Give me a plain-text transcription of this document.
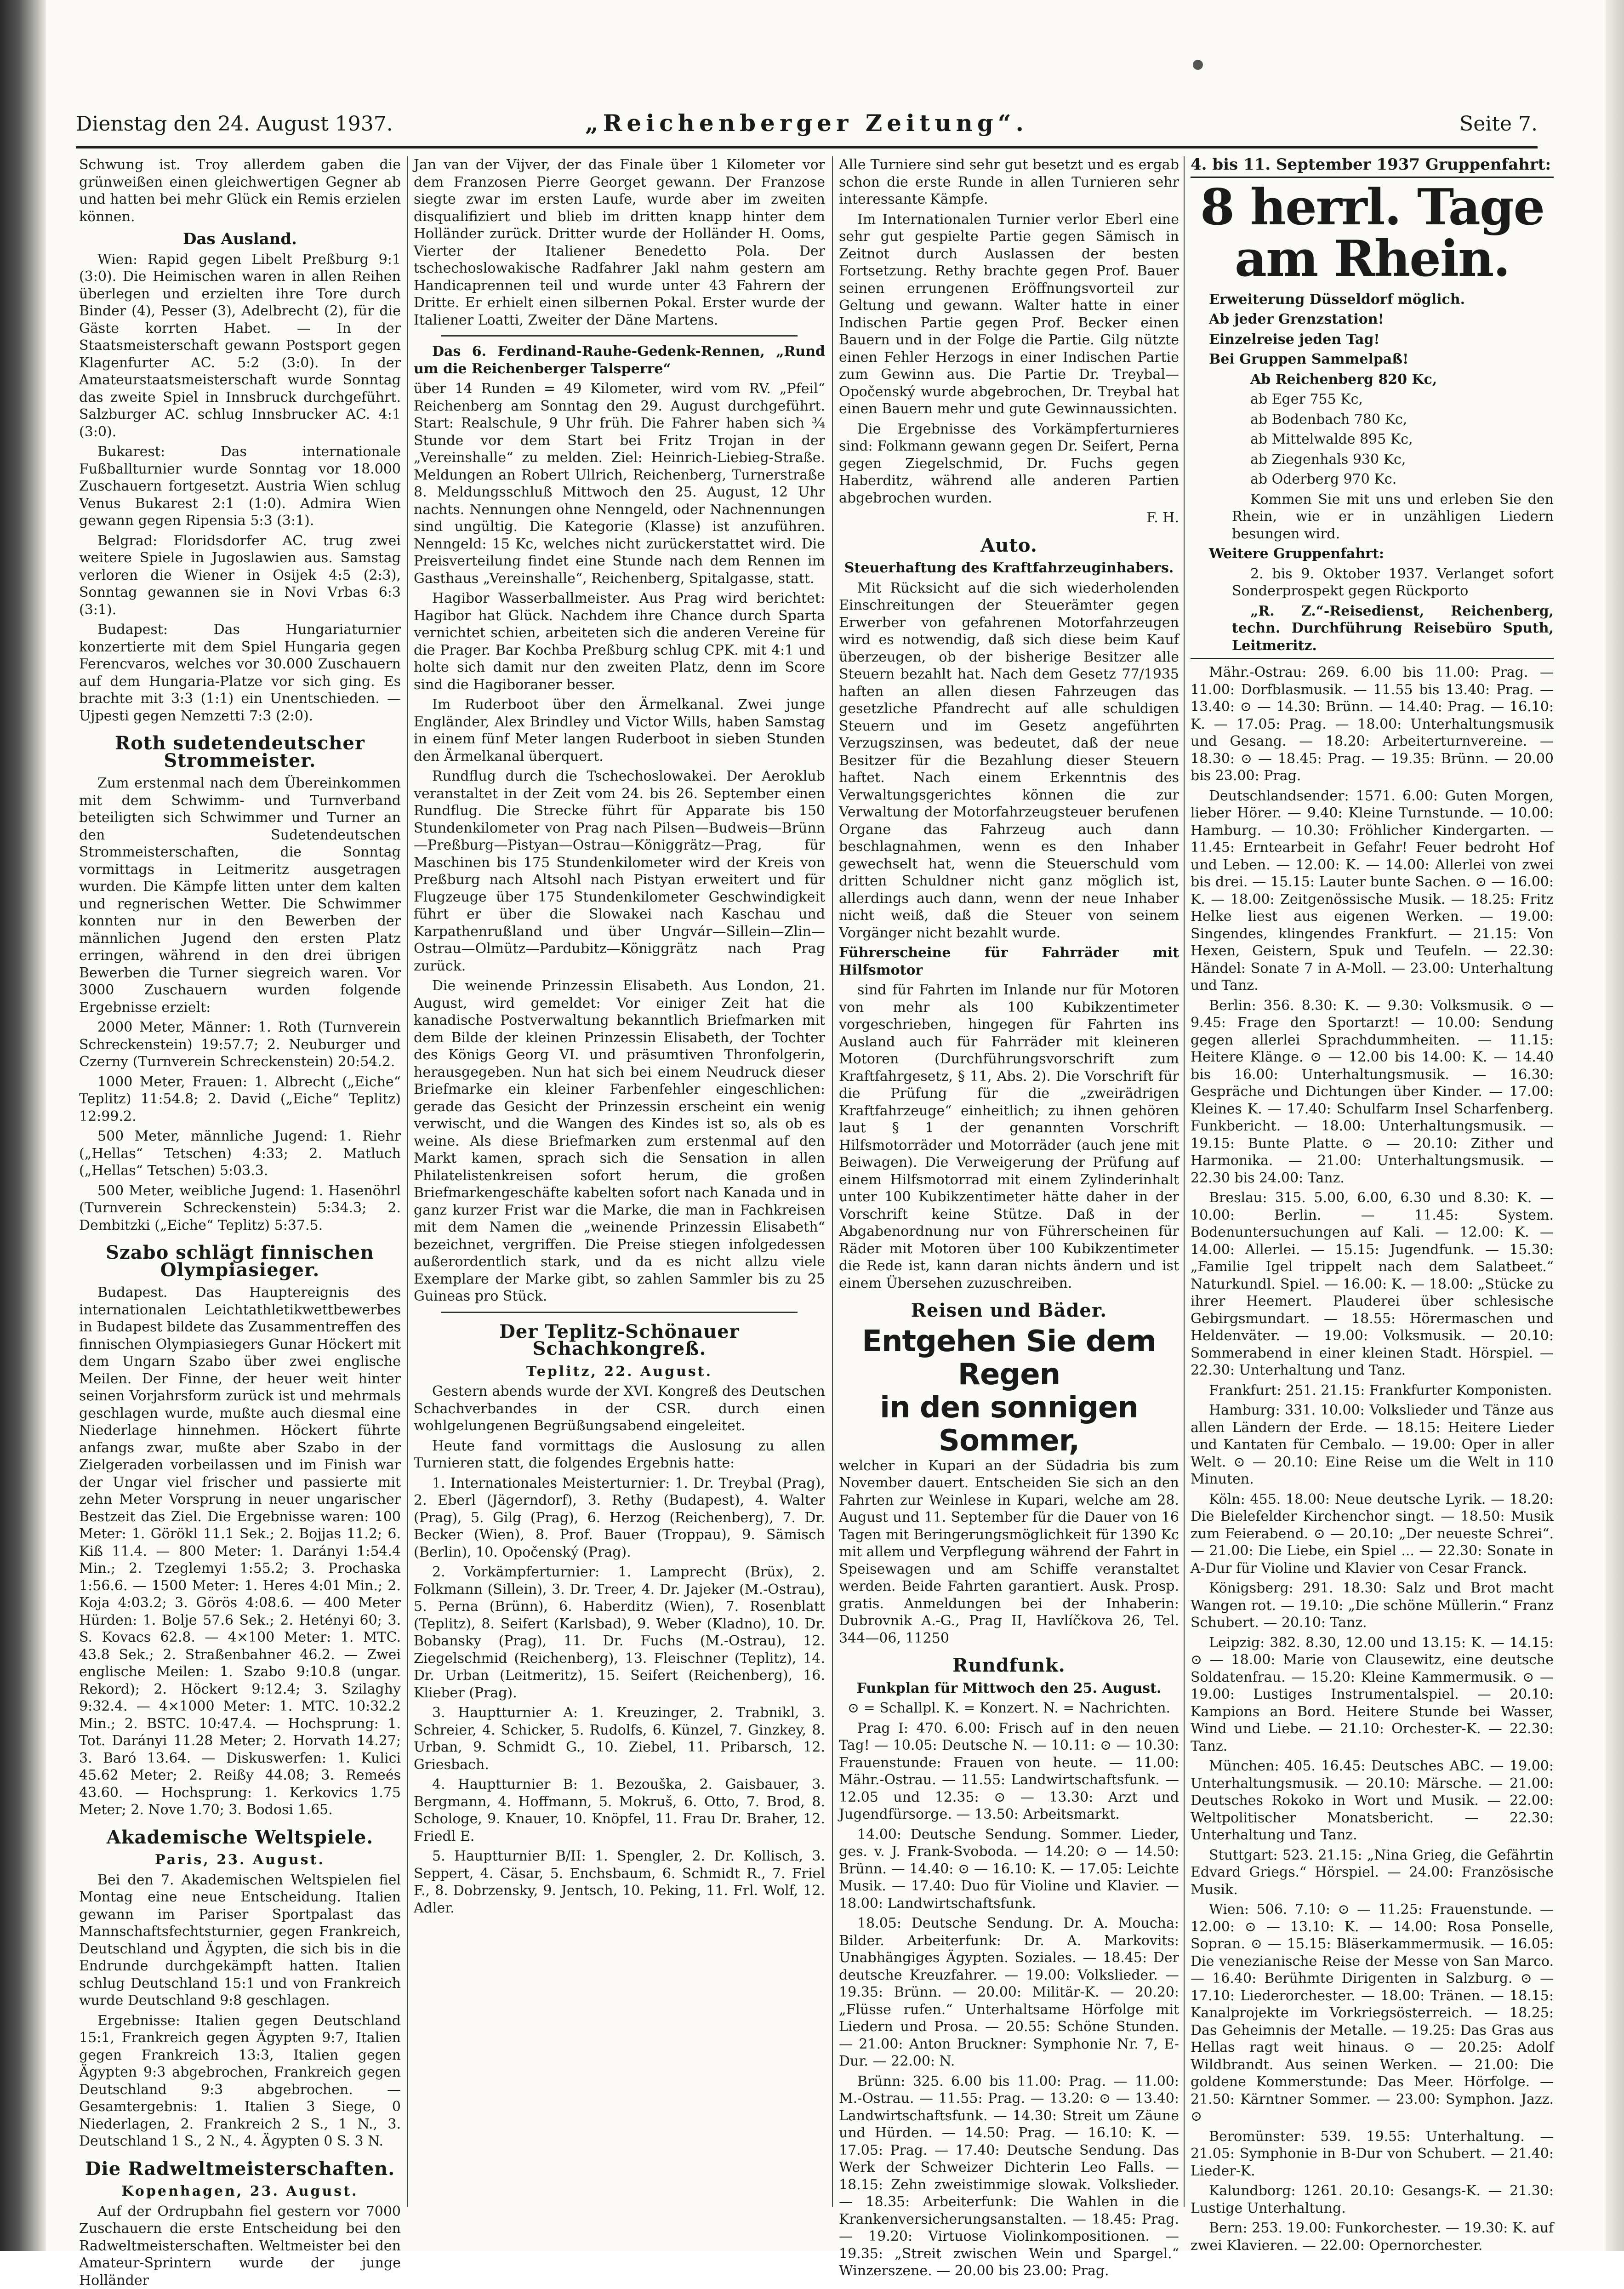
Dienstag den 24. August 1937.	„Reichenberger Zeitung“.	Seite 7.

Schwung ist. Troy allerdem gaben die grünweißen einen gleichwertigen Gegner ab und hatten bei mehr Glück ein Remis erzielen können.

Das Ausland.

Wien: Rapid gegen Libelt Preßburg 9:1 (3:0). Die Heimischen waren in allen Reihen überlegen und erzielten ihre Tore durch Binder (4), Pesser (3), Adelbrecht (2), für die Gäste korrten Habet. — In der Staatsmeisterschaft gewann Postsport gegen Klagenfurter AC. 5:2 (3:0). In der Amateurstaatsmeisterschaft wurde Sonntag das zweite Spiel in Innsbruck durchgeführt. Salzburger AC. schlug Innsbrucker AC. 4:1 (3:0).

Bukarest: Das internationale Fußballturnier wurde Sonntag vor 18.000 Zuschauern fortgesetzt. Austria Wien schlug Venus Bukarest 2:1 (1:0). Admira Wien gewann gegen Ripensia 5:3 (3:1).

Belgrad: Floridsdorfer AC. trug zwei weitere Spiele in Jugoslawien aus. Samstag verloren die Wiener in Osijek 4:5 (2:3), Sonntag gewannen sie in Novi Vrbas 6:3 (3:1).

Budapest: Das Hungariaturnier konzertierte mit dem Spiel Hungaria gegen Ferencvaros, welches vor 30.000 Zuschauern auf dem Hungaria-Platze vor sich ging. Es brachte mit 3:3 (1:1) ein Unentschieden. — Ujpesti gegen Nemzetti 7:3 (2:0).

Roth sudetendeutscher Strommeister.

Zum erstenmal nach dem Übereinkommen mit dem Schwimm- und Turnverband beteiligten sich Schwimmer und Turner an den Sudetendeutschen Strommeisterschaften, die Sonntag vormittags in Leitmeritz ausgetragen wurden. Die Kämpfe litten unter dem kalten und regnerischen Wetter. Die Schwimmer konnten nur in den Bewerben der männlichen Jugend den ersten Platz erringen, während in den drei übrigen Bewerben die Turner siegreich waren. Vor 3000 Zuschauern wurden folgende Ergebnisse erzielt:

2000 Meter, Männer: 1. Roth (Turnverein Schreckenstein) 19:57.7; 2. Neuburger und Czerny (Turnverein Schreckenstein) 20:54.2.

1000 Meter, Frauen: 1. Albrecht („Eiche“ Teplitz) 11:54.8; 2. David („Eiche“ Teplitz) 12:99.2.

500 Meter, männliche Jugend: 1. Riehr („Hellas“ Tetschen) 4:33; 2. Matluch („Hellas“ Tetschen) 5:03.3.

500 Meter, weibliche Jugend: 1. Hasenöhrl (Turnverein Schreckenstein) 5:34.3; 2. Dembitzki („Eiche“ Teplitz) 5:37.5.

Szabo schlägt finnischen Olympiasieger.

Budapest. Das Hauptereignis des internationalen Leichtathletikwettbewerbes in Budapest bildete das Zusammentreffen des finnischen Olympiasiegers Gunar Höckert mit dem Ungarn Szabo über zwei englische Meilen. Der Finne, der heuer weit hinter seinen Vorjahrsform zurück ist und mehrmals geschlagen wurde, mußte auch diesmal eine Niederlage hinnehmen. Höckert führte anfangs zwar, mußte aber Szabo in der Zielgeraden vorbeilassen und im Finish war der Ungar viel frischer und passierte mit zehn Meter Vorsprung in neuer ungarischer Bestzeit das Ziel. Die Ergebnisse waren: 100 Meter: 1. Görökl 11.1 Sek.; 2. Bojjas 11.2; 6. Kiß 11.4. — 800 Meter: 1. Darányi 1:54.4 Min.; 2. Tzeglemyi 1:55.2; 3. Prochaska 1:56.6. — 1500 Meter: 1. Heres 4:01 Min.; 2. Koja 4:03.2; 3. Görös 4:08.6. — 400 Meter Hürden: 1. Bolje 57.6 Sek.; 2. Hetényi 60; 3. S. Kovacs 62.8. — 4×100 Meter: 1. MTC. 43.8 Sek.; 2. Straßenbahner 46.2. — Zwei englische Meilen: 1. Szabo 9:10.8 (ungar. Rekord); 2. Höckert 9:12.4; 3. Szilaghy 9:32.4. — 4×1000 Meter: 1. MTC. 10:32.2 Min.; 2. BSTC. 10:47.4. — Hochsprung: 1. Tot. Darányi 11.28 Meter; 2. Horvath 14.27; 3. Baró 13.64. — Diskuswerfen: 1. Kulici 45.62 Meter; 2. Reißy 44.08; 3. Remeés 43.60. — Hochsprung: 1. Kerkovics 1.75 Meter; 2. Nove 1.70; 3. Bodosi 1.65.

Akademische Weltspiele.
Paris, 23. August.

Bei den 7. Akademischen Weltspielen fiel Montag eine neue Entscheidung. Italien gewann im Pariser Sportpalast das Mannschaftsfechtsturnier, gegen Frankreich, Deutschland und Ägypten, die sich bis in die Endrunde durchgekämpft hatten. Italien schlug Deutschland 15:1 und von Frankreich wurde Deutschland 9:8 geschlagen.

Ergebnisse: Italien gegen Deutschland 15:1, Frankreich gegen Ägypten 9:7, Italien gegen Frankreich 13:3, Italien gegen Ägypten 9:3 abgebrochen, Frankreich gegen Deutschland 9:3 abgebrochen. — Gesamtergebnis: 1. Italien 3 Siege, 0 Niederlagen, 2. Frankreich 2 S., 1 N., 3. Deutschland 1 S., 2 N., 4. Ägypten 0 S. 3 N.

Die Radweltmeisterschaften.
Kopenhagen, 23. August.

Auf der Ordrupbahn fiel gestern vor 7000 Zuschauern die erste Entscheidung bei den Radweltmeisterschaften. Weltmeister bei den Amateur-Sprintern wurde der junge Holländer

Jan van der Vijver, der das Finale über 1 Kilometer vor dem Franzosen Pierre Georget gewann. Der Franzose siegte zwar im ersten Laufe, wurde aber im zweiten disqualifiziert und blieb im dritten knapp hinter dem Holländer zurück. Dritter wurde der Holländer H. Ooms, Vierter der Italiener Benedetto Pola. Der tschechoslowakische Radfahrer Jakl nahm gestern am Handicaprennen teil und wurde unter 43 Fahrern der Dritte. Er erhielt einen silbernen Pokal. Erster wurde der Italiener Loatti, Zweiter der Däne Martens.

Das 6. Ferdinand-Rauhe-Gedenk-Rennen, „Rund um die Reichenberger Talsperre“

über 14 Runden = 49 Kilometer, wird vom RV. „Pfeil“ Reichenberg am Sonntag den 29. August durchgeführt. Start: Realschule, 9 Uhr früh. Die Fahrer haben sich ¾ Stunde vor dem Start bei Fritz Trojan in der „Vereinshalle“ zu melden. Ziel: Heinrich-Liebieg-Straße. Meldungen an Robert Ullrich, Reichenberg, Turnerstraße 8. Meldungsschluß Mittwoch den 25. August, 12 Uhr nachts. Nennungen ohne Nenngeld, oder Nachnennungen sind ungültig. Die Kategorie (Klasse) ist anzuführen. Nenngeld: 15 Kc, welches nicht zurückerstattet wird. Die Preisverteilung findet eine Stunde nach dem Rennen im Gasthaus „Vereinshalle“, Reichenberg, Spitalgasse, statt.

Hagibor Wasserballmeister. Aus Prag wird berichtet: Hagibor hat Glück. Nachdem ihre Chance durch Sparta vernichtet schien, arbeiteten sich die anderen Vereine für die Prager. Bar Kochba Preßburg schlug CPK. mit 4:1 und holte sich damit nur den zweiten Platz, denn im Score sind die Hagiboraner besser.

Im Ruderboot über den Ärmelkanal. Zwei junge Engländer, Alex Brindley und Victor Wills, haben Samstag in einem fünf Meter langen Ruderboot in sieben Stunden den Ärmelkanal überquert.

Rundflug durch die Tschechoslowakei. Der Aeroklub veranstaltet in der Zeit vom 24. bis 26. September einen Rundflug. Die Strecke führt für Apparate bis 150 Stundenkilometer von Prag nach Pilsen—Budweis—Brünn—Preßburg—Pistyan—Ostrau—Königgrätz—Prag, für Maschinen bis 175 Stundenkilometer wird der Kreis von Preßburg nach Altsohl nach Pistyan erweitert und für Flugzeuge über 175 Stundenkilometer Geschwindigkeit führt er über die Slowakei nach Kaschau und Karpathenrußland und über Ungvár—Sillein—Zlin—Ostrau—Olmütz—Pardubitz—Königgrätz nach Prag zurück.

Die weinende Prinzessin Elisabeth. Aus London, 21. August, wird gemeldet: Vor einiger Zeit hat die kanadische Postverwaltung bekanntlich Briefmarken mit dem Bilde der kleinen Prinzessin Elisabeth, der Tochter des Königs Georg VI. und präsumtiven Thronfolgerin, herausgegeben. Nun hat sich bei einem Neudruck dieser Briefmarke ein kleiner Farbenfehler eingeschlichen: gerade das Gesicht der Prinzessin erscheint ein wenig verwischt, und die Wangen des Kindes ist so, als ob es weine. Als diese Briefmarken zum erstenmal auf den Markt kamen, sprach sich die Sensation in allen Philatelistenkreisen sofort herum, die großen Briefmarkengeschäfte kabelten sofort nach Kanada und in ganz kurzer Frist war die Marke, die man in Fachkreisen mit dem Namen die „weinende Prinzessin Elisabeth“ bezeichnet, vergriffen. Die Preise stiegen infolgedessen außerordentlich stark, und da es nicht allzu viele Exemplare der Marke gibt, so zahlen Sammler bis zu 25 Guineas pro Stück.

Der Teplitz-Schönauer Schachkongreß.
Teplitz, 22. August.

Gestern abends wurde der XVI. Kongreß des Deutschen Schachverbandes in der CSR. durch einen wohlgelungenen Begrüßungsabend eingeleitet.

Heute fand vormittags die Auslosung zu allen Turnieren statt, die folgendes Ergebnis hatte:

1. Internationales Meisterturnier: 1. Dr. Treybal (Prag), 2. Eberl (Jägerndorf), 3. Rethy (Budapest), 4. Walter (Prag), 5. Gilg (Prag), 6. Herzog (Reichenberg), 7. Dr. Becker (Wien), 8. Prof. Bauer (Troppau), 9. Sämisch (Berlin), 10. Opočenský (Prag).

2. Vorkämpferturnier: 1. Lamprecht (Brüx), 2. Folkmann (Sillein), 3. Dr. Treer, 4. Dr. Jajeker (M.-Ostrau), 5. Perna (Brünn), 6. Haberditz (Wien), 7. Rosenblatt (Teplitz), 8. Seifert (Karlsbad), 9. Weber (Kladno), 10. Dr. Bobansky (Prag), 11. Dr. Fuchs (M.-Ostrau), 12. Ziegelschmid (Reichenberg), 13. Fleischner (Teplitz), 14. Dr. Urban (Leitmeritz), 15. Seifert (Reichenberg), 16. Klieber (Prag).

3. Hauptturnier A: 1. Kreuzinger, 2. Trabnikl, 3. Schreier, 4. Schicker, 5. Rudolfs, 6. Künzel, 7. Ginzkey, 8. Urban, 9. Schmidt G., 10. Ziebel, 11. Pribarsch, 12. Griesbach.

4. Hauptturnier B: 1. Bezouška, 2. Gaisbauer, 3. Bergmann, 4. Hoffmann, 5. Mokruš, 6. Otto, 7. Brod, 8. Schologe, 9. Knauer, 10. Knöpfel, 11. Frau Dr. Braher, 12. Friedl E.

5. Hauptturnier B/II: 1. Spengler, 2. Dr. Kollisch, 3. Seppert, 4. Cäsar, 5. Enchsbaum, 6. Schmidt R., 7. Friel F., 8. Dobrzensky, 9. Jentsch, 10. Peking, 11. Frl. Wolf, 12. Adler.

Alle Turniere sind sehr gut besetzt und es ergab schon die erste Runde in allen Turnieren sehr interessante Kämpfe.

Im Internationalen Turnier verlor Eberl eine sehr gut gespielte Partie gegen Sämisch in Zeitnot durch Auslassen der besten Fortsetzung. Rethy brachte gegen Prof. Bauer seinen errungenen Eröffnungsvorteil zur Geltung und gewann. Walter hatte in einer Indischen Partie gegen Prof. Becker einen Bauern und in der Folge die Partie. Gilg nützte einen Fehler Herzogs in einer Indischen Partie zum Gewinn aus. Die Partie Dr. Treybal—Opočenský wurde abgebrochen, Dr. Treybal hat einen Bauern mehr und gute Gewinnaussichten.

Die Ergebnisse des Vorkämpferturnieres sind: Folkmann gewann gegen Dr. Seifert, Perna gegen Ziegelschmid, Dr. Fuchs gegen Haberditz, während alle anderen Partien abgebrochen wurden.

F. H.

Auto.

Steuerhaftung des Kraftfahrzeuginhabers.

Mit Rücksicht auf die sich wiederholenden Einschreitungen der Steuerämter gegen Erwerber von gefahrenen Motorfahrzeugen wird es notwendig, daß sich diese beim Kauf überzeugen, ob der bisherige Besitzer alle Steuern bezahlt hat. Nach dem Gesetz 77/1935 haften an allen diesen Fahrzeugen das gesetzliche Pfandrecht auf alle schuldigen Steuern und im Gesetz angeführten Verzugszinsen, was bedeutet, daß der neue Besitzer für die Bezahlung dieser Steuern haftet. Nach einem Erkenntnis des Verwaltungsgerichtes können die zur Verwaltung der Motorfahrzeugsteuer berufenen Organe das Fahrzeug auch dann beschlagnahmen, wenn es den Inhaber gewechselt hat, wenn die Steuerschuld vom dritten Schuldner nicht ganz möglich ist, allerdings auch dann, wenn der neue Inhaber nicht weiß, daß die Steuer von seinem Vorgänger nicht bezahlt wurde.

Führerscheine für Fahrräder mit Hilfsmotor

sind für Fahrten im Inlande nur für Motoren von mehr als 100 Kubikzentimeter vorgeschrieben, hingegen für Fahrten ins Ausland auch für Fahrräder mit kleineren Motoren (Durchführungsvorschrift zum Kraftfahrgesetz, § 11, Abs. 2). Die Vorschrift für die Prüfung für die „zweirädrigen Kraftfahrzeuge“ einheitlich; zu ihnen gehören laut § 1 der genannten Vorschrift Hilfsmotorräder und Motorräder (auch jene mit Beiwagen). Die Verweigerung der Prüfung auf einem Hilfsmotorrad mit einem Zylinderinhalt unter 100 Kubikzentimeter hätte daher in der Vorschrift keine Stütze. Daß in der Abgabenordnung nur von Führerscheinen für Räder mit Motoren über 100 Kubikzentimeter die Rede ist, kann daran nichts ändern und ist einem Übersehen zuzuschreiben.

Reisen und Bäder.
Entgehen Sie dem Regen
in den sonnigen Sommer,

welcher in Kupari an der Südadria bis zum November dauert. Entscheiden Sie sich an den Fahrten zur Weinlese in Kupari, welche am 28. August und 11. September für die Dauer von 16 Tagen mit Beringerungsmöglichkeit für 1390 Kc mit allem und Verpflegung während der Fahrt in Speisewagen und am Schiffe veranstaltet werden. Beide Fahrten garantiert. Ausk. Prosp. gratis. Anmeldungen bei der Inhaberin: Dubrovnik A.-G., Prag II, Havlíčkova 26, Tel. 344—06, 11250

Rundfunk.

Funkplan für Mittwoch den 25. August.

⊙ = Schallpl. K. = Konzert. N. = Nachrichten.

Prag I: 470. 6.00: Frisch auf in den neuen Tag! — 10.05: Deutsche N. — 10.11: ⊙ — 10.30: Frauenstunde: Frauen von heute. — 11.00: Mähr.-Ostrau. — 11.55: Landwirtschaftsfunk. — 12.05 und 12.35: ⊙ — 13.30: Arzt und Jugendfürsorge. — 13.50: Arbeitsmarkt.

14.00: Deutsche Sendung. Sommer. Lieder, ges. v. J. Frank-Svoboda. — 14.20: ⊙ — 14.50: Brünn. — 14.40: ⊙ — 16.10: K. — 17.05: Leichte Musik. — 17.40: Duo für Violine und Klavier. — 18.00: Landwirtschaftsfunk.

18.05: Deutsche Sendung. Dr. A. Moucha: Bilder. Arbeiterfunk: Dr. A. Markovits: Unabhängiges Ägypten. Soziales. — 18.45: Der deutsche Kreuzfahrer. — 19.00: Volkslieder. — 19.35: Brünn. — 20.00: Militär-K. — 20.20: „Flüsse rufen.“ Unterhaltsame Hörfolge mit Liedern und Prosa. — 20.55: Schöne Stunden. — 21.00: Anton Bruckner: Symphonie Nr. 7, E-Dur. — 22.00: N.

Brünn: 325. 6.00 bis 11.00: Prag. — 11.00: M.-Ostrau. — 11.55: Prag. — 13.20: ⊙ — 13.40: Landwirtschaftsfunk. — 14.30: Streit um Zäune und Hürden. — 14.50: Prag. — 16.10: K. — 17.05: Prag. — 17.40: Deutsche Sendung. Das Werk der Schweizer Dichterin Leo Falls. — 18.15: Zehn zweistimmige slowak. Volkslieder. — 18.35: Arbeiterfunk: Die Wahlen in die Krankenversicherungsanstalten. — 18.45: Prag. — 19.20: Virtuose Violinkompositionen. — 19.35: „Streit zwischen Wein und Spargel.“ Winzerszene. — 20.00 bis 23.00: Prag.

4. bis 11. September 1937 Gruppenfahrt:
8 herrl. Tage am Rhein.

Erweiterung Düsseldorf möglich.

Ab jeder Grenzstation!

Einzelreise jeden Tag!

Bei Gruppen Sammelpaß!

Ab Reichenberg 820 Kc,

ab Eger 755 Kc,

ab Bodenbach 780 Kc,

ab Mittelwalde 895 Kc,

ab Ziegenhals 930 Kc,

ab Oderberg 970 Kc.

Kommen Sie mit uns und erleben Sie den Rhein, wie er in unzähligen Liedern besungen wird.

Weitere Gruppenfahrt:

2. bis 9. Oktober 1937. Verlanget sofort Sonderprospekt gegen Rückporto

„R. Z.“-Reisedienst, Reichenberg, techn. Durchführung Reisebüro Sputh, Leitmeritz.

Mähr.-Ostrau: 269. 6.00 bis 11.00: Prag. — 11.00: Dorfblasmusik. — 11.55 bis 13.40: Prag. — 13.40: ⊙ — 14.30: Brünn. — 14.40: Prag. — 16.10: K. — 17.05: Prag. — 18.00: Unterhaltungsmusik und Gesang. — 18.20: Arbeiterturnvereine. — 18.30: ⊙ — 18.45: Prag. — 19.35: Brünn. — 20.00 bis 23.00: Prag.

Deutschlandsender: 1571. 6.00: Guten Morgen, lieber Hörer. — 9.40: Kleine Turnstunde. — 10.00: Hamburg. — 10.30: Fröhlicher Kindergarten. — 11.45: Erntearbeit in Gefahr! Feuer bedroht Hof und Leben. — 12.00: K. — 14.00: Allerlei von zwei bis drei. — 15.15: Lauter bunte Sachen. ⊙ — 16.00: K. — 18.00: Zeitgenössische Musik. — 18.25: Fritz Helke liest aus eigenen Werken. — 19.00: Singendes, klingendes Frankfurt. — 21.15: Von Hexen, Geistern, Spuk und Teufeln. — 22.30: Händel: Sonate 7 in A-Moll. — 23.00: Unterhaltung und Tanz.

Berlin: 356. 8.30: K. — 9.30: Volksmusik. ⊙ — 9.45: Frage den Sportarzt! — 10.00: Sendung gegen allerlei Sprachdummheiten. — 11.15: Heitere Klänge. ⊙ — 12.00 bis 14.00: K. — 14.40 bis 16.00: Unterhaltungsmusik. — 16.30: Gespräche und Dichtungen über Kinder. — 17.00: Kleines K. — 17.40: Schulfarm Insel Scharfenberg. Funkbericht. — 18.00: Unterhaltungsmusik. — 19.15: Bunte Platte. ⊙ — 20.10: Zither und Harmonika. — 21.00: Unterhaltungsmusik. — 22.30 bis 24.00: Tanz.

Breslau: 315. 5.00, 6.00, 6.30 und 8.30: K. — 10.00: Berlin. — 11.45: System. Bodenuntersuchungen auf Kali. — 12.00: K. — 14.00: Allerlei. — 15.15: Jugendfunk. — 15.30: „Familie Igel trippelt nach dem Salatbeet.“ Naturkundl. Spiel. — 16.00: K. — 18.00: „Stücke zu ihrer Heemert. Plauderei über schlesische Gebirgsmundart. — 18.55: Hörermaschen und Heldenväter. — 19.00: Volksmusik. — 20.10: Sommerabend in einer kleinen Stadt. Hörspiel. — 22.30: Unterhaltung und Tanz.

Frankfurt: 251. 21.15: Frankfurter Komponisten.

Hamburg: 331. 10.00: Volkslieder und Tänze aus allen Ländern der Erde. — 18.15: Heitere Lieder und Kantaten für Cembalo. — 19.00: Oper in aller Welt. ⊙ — 20.10: Eine Reise um die Welt in 110 Minuten.

Köln: 455. 18.00: Neue deutsche Lyrik. — 18.20: Die Bielefelder Kirchenchor singt. — 18.50: Musik zum Feierabend. ⊙ — 20.10: „Der neueste Schrei“. — 21.00: Die Liebe, ein Spiel ... — 22.30: Sonate in A-Dur für Violine und Klavier von Cesar Franck.

Königsberg: 291. 18.30: Salz und Brot macht Wangen rot. — 19.10: „Die schöne Müllerin.“ Franz Schubert. — 20.10: Tanz.

Leipzig: 382. 8.30, 12.00 und 13.15: K. — 14.15: ⊙ — 18.00: Marie von Clausewitz, eine deutsche Soldatenfrau. — 15.20: Kleine Kammermusik. ⊙ — 19.00: Lustiges Instrumentalspiel. — 20.10: Kampions an Bord. Heitere Stunde bei Wasser, Wind und Liebe. — 21.10: Orchester-K. — 22.30: Tanz.

München: 405. 16.45: Deutsches ABC. — 19.00: Unterhaltungsmusik. — 20.10: Märsche. — 21.00: Deutsches Rokoko in Wort und Musik. — 22.00: Weltpolitischer Monatsbericht. — 22.30: Unterhaltung und Tanz.

Stuttgart: 523. 21.15: „Nina Grieg, die Gefährtin Edvard Griegs.“ Hörspiel. — 24.00: Französische Musik.

Wien: 506. 7.10: ⊙ — 11.25: Frauenstunde. — 12.00: ⊙ — 13.10: K. — 14.00: Rosa Ponselle, Sopran. ⊙ — 15.15: Bläserkammermusik. — 16.05: Die venezianische Reise der Messe von San Marco. — 16.40: Berühmte Dirigenten in Salzburg. ⊙ — 17.10: Liederorchester. — 18.00: Tränen. — 18.15: Kanalprojekte im Vorkriegsösterreich. — 18.25: Das Geheimnis der Metalle. — 19.25: Das Gras aus Hellas ragt weit hinaus. ⊙ — 20.25: Adolf Wildbrandt. Aus seinen Werken. — 21.00: Die goldene Kommerstunde: Das Meer. Hörfolge. — 21.50: Kärntner Sommer. — 23.00: Symphon. Jazz. ⊙

Beromünster: 539. 19.55: Unterhaltung. — 21.05: Symphonie in B-Dur von Schubert. — 21.40: Lieder-K.

Kalundborg: 1261. 20.10: Gesangs-K. — 21.30: Lustige Unterhaltung.

Bern: 253. 19.00: Funkorchester. — 19.30: K. auf zwei Klavieren. — 22.00: Opernorchester.
